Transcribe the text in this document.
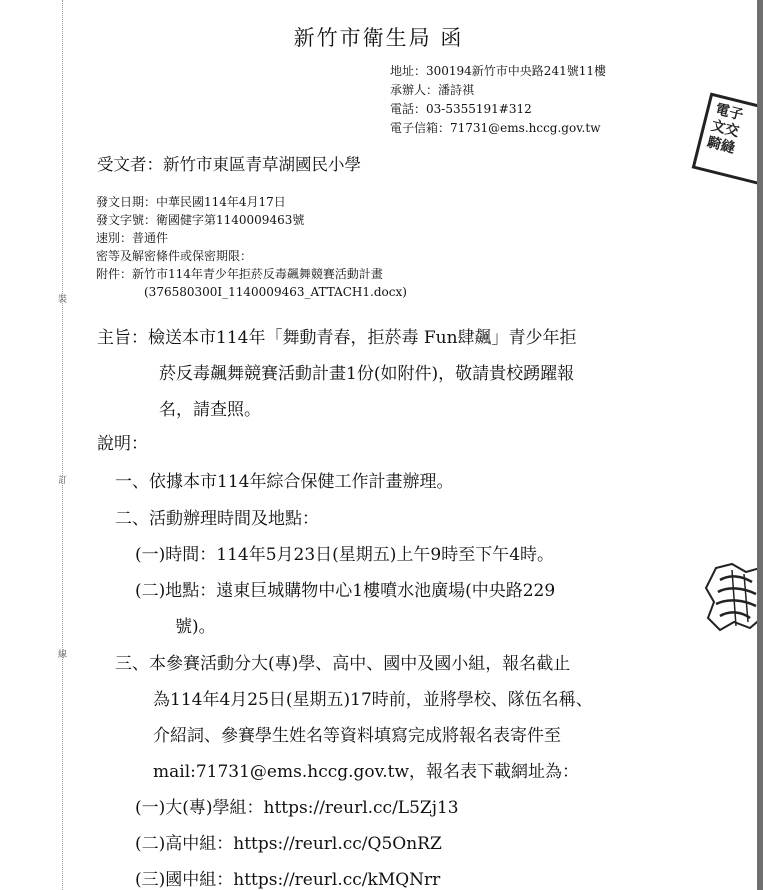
裝
訂
線
新竹市衛生局 函
地址：300194新竹市中央路241號11樓
承辦人：潘詩祺
電話：03-5355191#312
電子信箱：71731@ems.hccg.gov.tw
受文者：新竹市東區青草湖國民小學
發文日期：中華民國114年4月17日
發文字號：衛國健字第1140009463號
速別：普通件
密等及解密條件或保密期限：
附件：新竹市114年青少年拒菸反毒飆舞競賽活動計畫
(376580300I_1140009463_ATTACH1.docx)
主旨：檢送本市114年「舞動青春，拒菸毒 Fun肆飆」青少年拒
菸反毒飆舞競賽活動計畫1份(如附件)，敬請貴校踴躍報
名，請查照。
說明：
一、依據本市114年綜合保健工作計畫辦理。
二、活動辦理時間及地點：
(一)時間：114年5月23日(星期五)上午9時至下午4時。
(二)地點：遠東巨城購物中心1樓噴水池廣場(中央路229
號)。
三、本參賽活動分大(專)學、高中、國中及國小組，報名截止
為114年4月25日(星期五)17時前，並將學校、隊伍名稱、
介紹詞、參賽學生姓名等資料填寫完成將報名表寄件至
mail:71731@ems.hccg.gov.tw，報名表下載網址為：
(一)大(專)學組：https://reurl.cc/L5Zj13
(二)高中組：https://reurl.cc/Q5OnRZ
(三)國中組：https://reurl.cc/kMQNrr
電子
文交
騎縫
